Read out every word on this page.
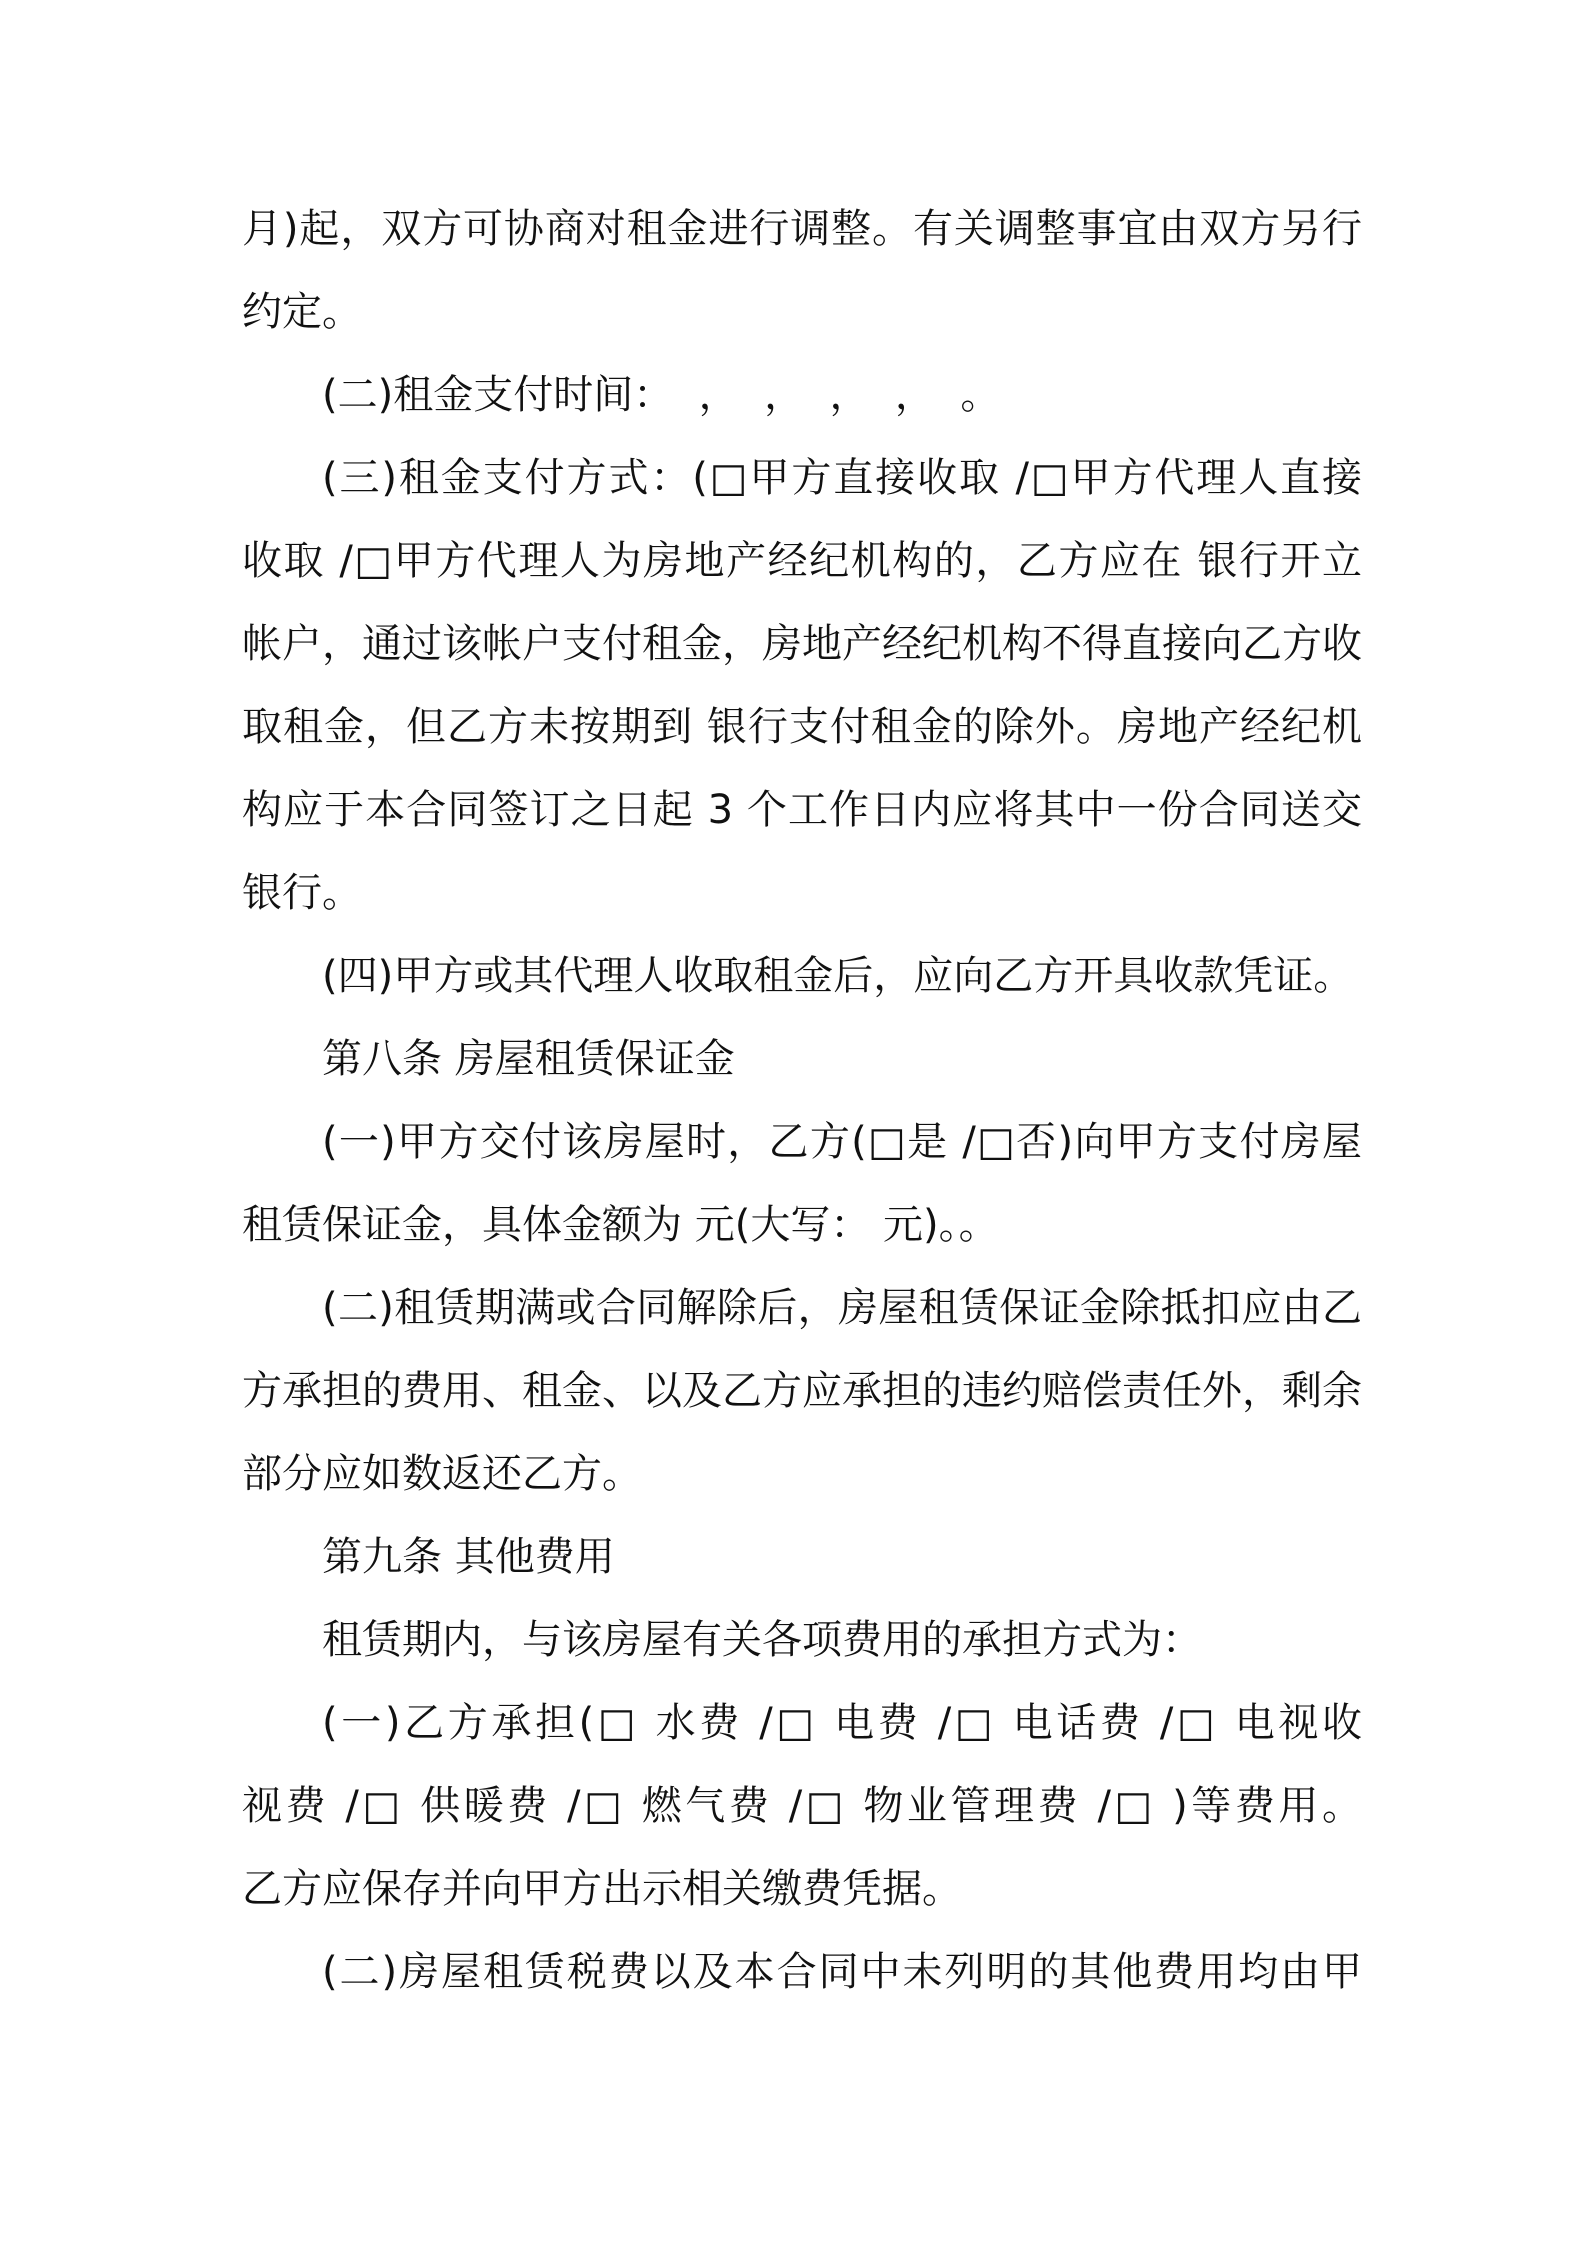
月)起，双方可协商对租金进行调整。有关调整事宜由双方另行
约定。
(二)租金支付时间：  ，  ，  ，  ，  。
(三)租金支付方式：(□甲方直接收取 /□甲方代理人直接
收取 /□甲方代理人为房地产经纪机构的，乙方应在 银行开立
帐户，通过该帐户支付租金，房地产经纪机构不得直接向乙方收
取租金，但乙方未按期到 银行支付租金的除外。房地产经纪机
构应于本合同签订之日起 3 个工作日内应将其中一份合同送交
银行。
(四)甲方或其代理人收取租金后，应向乙方开具收款凭证。
第八条 房屋租赁保证金
(一)甲方交付该房屋时，乙方(□是 /□否)向甲方支付房屋
租赁保证金，具体金额为 元(大写： 元)。。
(二)租赁期满或合同解除后，房屋租赁保证金除抵扣应由乙
方承担的费用、租金、以及乙方应承担的违约赔偿责任外，剩余
部分应如数返还乙方。
第九条 其他费用
租赁期内，与该房屋有关各项费用的承担方式为：
(一)乙方承担(□ 水费 /□ 电费 /□ 电话费 /□ 电视收
视费 /□ 供暖费 /□ 燃气费 /□ 物业管理费 /□ )等费用。
乙方应保存并向甲方出示相关缴费凭据。
(二)房屋租赁税费以及本合同中未列明的其他费用均由甲
